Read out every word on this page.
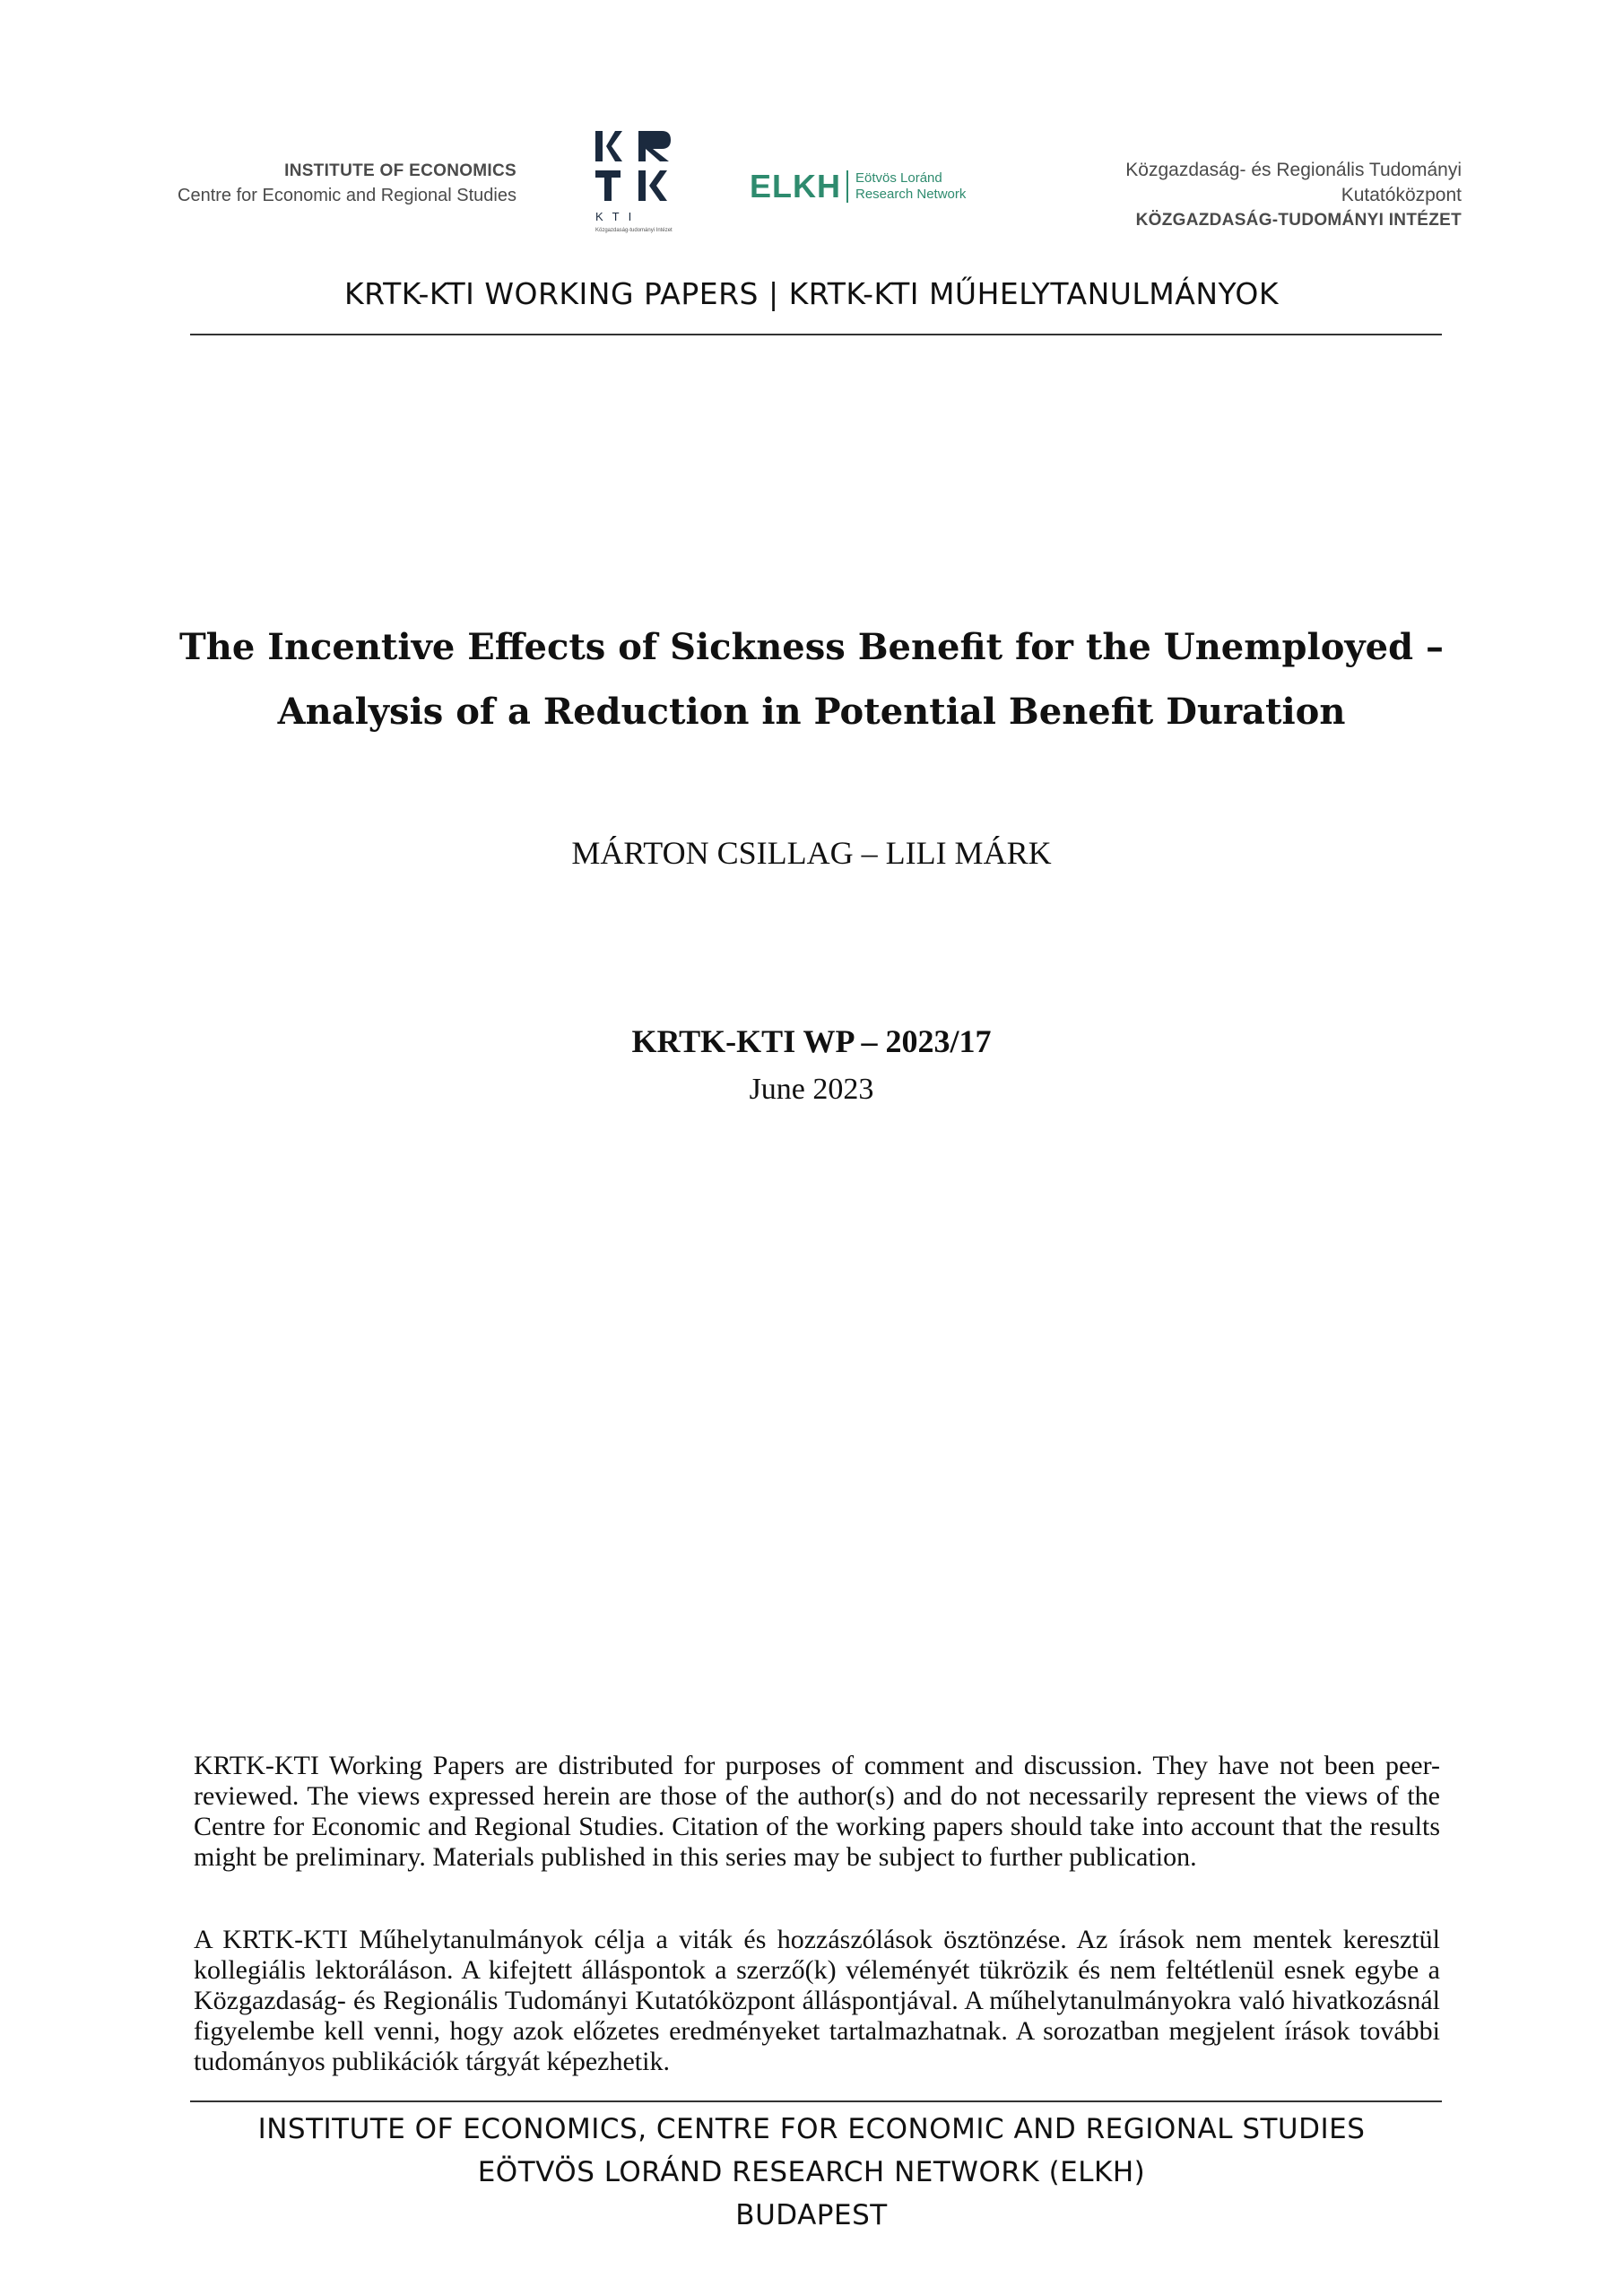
INSTITUTE OF ECONOMICS
Centre for Economic and Regional Studies
KTI
Közgazdaság-tudományi Intézet
ELKH Eötvös Loránd
Research Network
Közgazdaság- és Regionális Tudományi Kutatóközpont
KÖZGAZDASÁG-TUDOMÁNYI INTÉZET
KRTK-KTI WORKING PAPERS | KRTK-KTI MŰHELYTANULMÁNYOK
The Incentive Effects of Sickness Benefit for the Unemployed –
Analysis of a Reduction in Potential Benefit Duration
MÁRTON CSILLAG – LILI MÁRK
KRTK-KTI WP – 2023/17
June 2023

KRTK-KTI Working Papers are distributed for purposes of comment and discussion. They have not been peer-reviewed. The views expressed herein are those of the author(s) and do not necessarily represent the views of the Centre for Economic and Regional Studies. Citation of the working papers should take into account that the results might be preliminary. Materials published in this series may be subject to further publication.

A KRTK-KTI Műhelytanulmányok célja a viták és hozzászólások ösztönzése. Az írások nem mentek keresztül kollegiális lektoráláson. A kifejtett álláspontok a szerző(k) véleményét tükrözik és nem feltétlenül esnek egybe a Közgazdaság- és Regionális Tudományi Kutatóközpont álláspontjával. A műhelytanulmányokra való hivatkozásnál figyelembe kell venni, hogy azok előzetes eredményeket tartalmazhatnak. A sorozatban megjelent írások további tudományos publikációk tárgyát képezhetik.

INSTITUTE OF ECONOMICS, CENTRE FOR ECONOMIC AND REGIONAL STUDIES
EÖTVÖS LORÁND RESEARCH NETWORK (ELKH)
BUDAPEST
